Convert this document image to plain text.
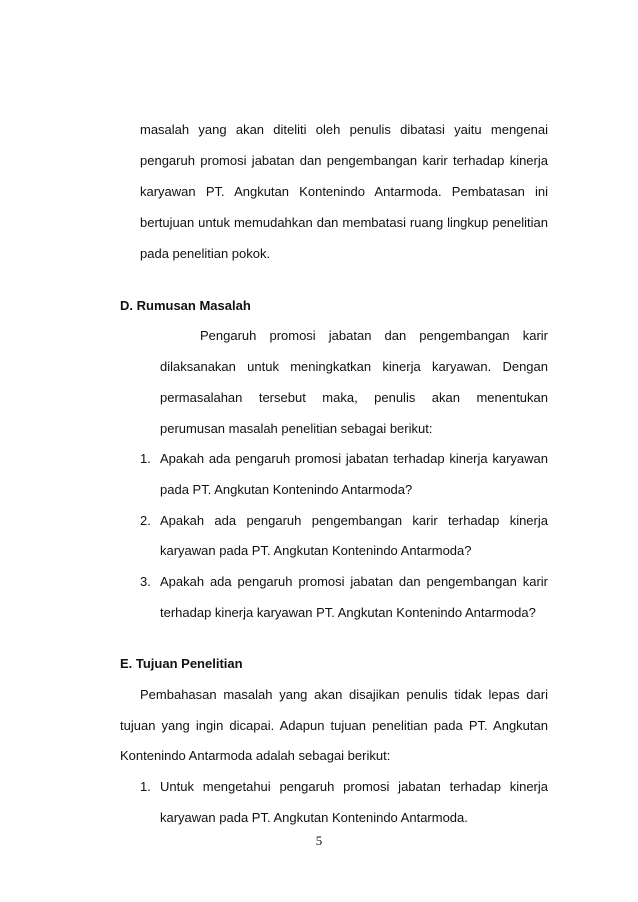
masalah yang akan diteliti oleh penulis dibatasi yaitu mengenai
pengaruh promosi jabatan dan pengembangan karir terhadap kinerja
karyawan PT. Angkutan Kontenindo Antarmoda. Pembatasan ini
bertujuan untuk memudahkan dan membatasi ruang lingkup penelitian
pada penelitian pokok.
D. Rumusan Masalah
Pengaruh promosi jabatan dan pengembangan karir
dilaksanakan untuk meningkatkan kinerja karyawan. Dengan
permasalahan tersebut maka, penulis akan menentukan
perumusan masalah penelitian sebagai berikut:
1. Apakah ada pengaruh promosi jabatan terhadap kinerja karyawan
pada PT. Angkutan Kontenindo Antarmoda?
2. Apakah ada pengaruh pengembangan karir terhadap kinerja
karyawan pada PT. Angkutan Kontenindo Antarmoda?
3. Apakah ada pengaruh promosi jabatan dan pengembangan karir
terhadap kinerja karyawan PT. Angkutan Kontenindo Antarmoda?
E. Tujuan Penelitian
Pembahasan masalah yang akan disajikan penulis tidak lepas dari
tujuan yang ingin dicapai. Adapun tujuan penelitian pada PT. Angkutan
Kontenindo Antarmoda adalah sebagai berikut:
1. Untuk mengetahui pengaruh promosi jabatan terhadap kinerja
karyawan pada PT. Angkutan Kontenindo Antarmoda.
5
